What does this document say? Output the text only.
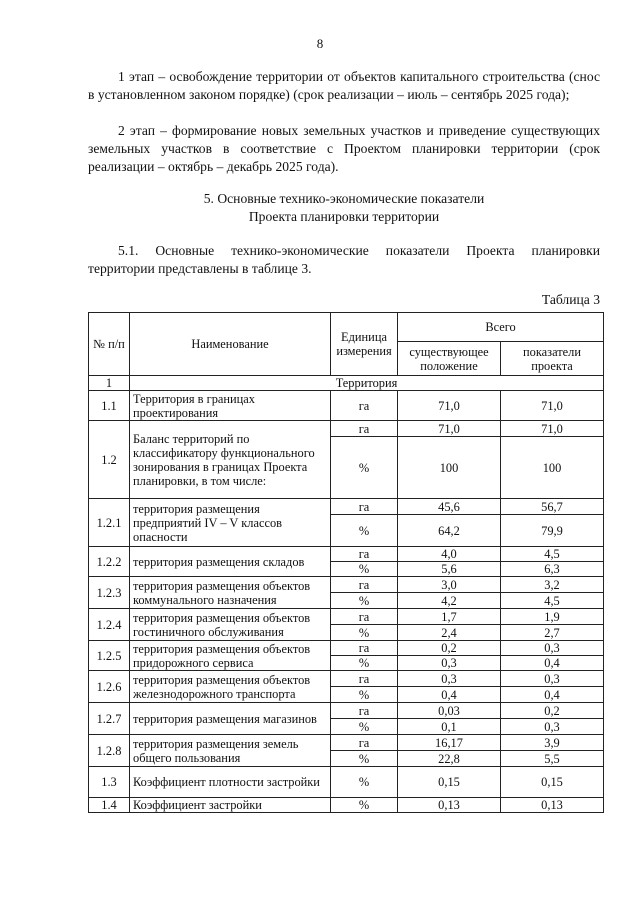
8

1 этап – освобождение территории от объектов капитального строительства (снос в установленном законом порядке) (срок реализации – июль – сентябрь 2025 года);

2 этап – формирование новых земельных участков и приведение существующих земельных участков в соответствие с Проектом планировки территории (срок реализации – октябрь – декабрь 2025 года).

5. Основные технико-экономические показатели
Проекта планировки территории

5.1. Основные технико-экономические показатели Проекта планировки территории представлены в таблице 3.

Таблица 3
№ п/п	Наименование	Единица измерения	Всего	
			существующее положение	показатели проекта
1	Территория			
1.1	Территория в границах проектирования	га	71,0	71,0
1.2	Баланс территорий по классификатору функционального зонирования в границах Проекта планировки, в том числе:	га	71,0	71,0
		%	100	100
1.2.1	территория размещения предприятий IV – V классов опасности	га	45,6	56,7
		%	64,2	79,9
1.2.2	территория размещения складов	га	4,0	4,5
		%	5,6	6,3
1.2.3	территория размещения объектов коммунального назначения	га	3,0	3,2
		%	4,2	4,5
1.2.4	территория размещения объектов гостиничного обслуживания	га	1,7	1,9
		%	2,4	2,7
1.2.5	территория размещения объектов придорожного сервиса	га	0,2	0,3
		%	0,3	0,4
1.2.6	территория размещения объектов железнодорожного транспорта	га	0,3	0,3
		%	0,4	0,4
1.2.7	территория размещения магазинов	га	0,03	0,2
		%	0,1	0,3
1.2.8	территория размещения земель общего пользования	га	16,17	3,9
		%	22,8	5,5
1.3	Коэффициент плотности застройки	%	0,15	0,15
1.4	Коэффициент застройки	%	0,13	0,13
